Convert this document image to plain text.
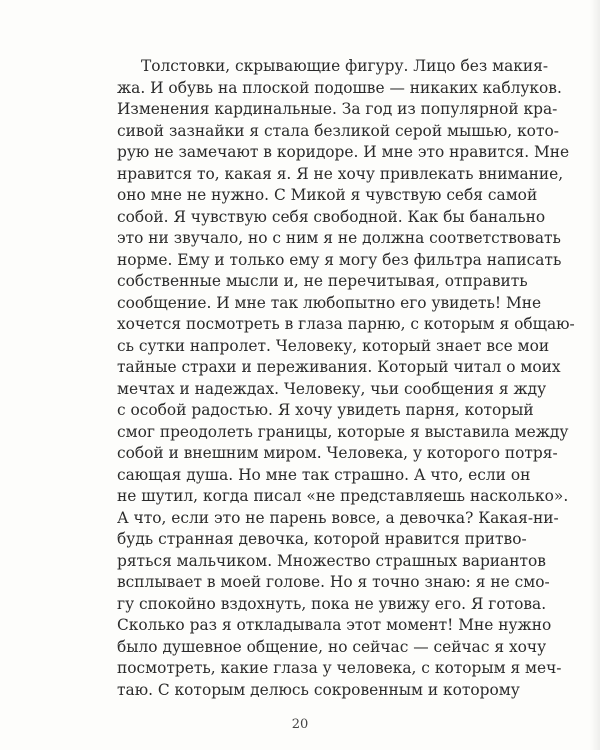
Толстовки, скрывающие фигуру. Лицо без макия-
жа. И обувь на плоской подошве — никаких каблуков.
Изменения кардинальные. За год из популярной кра-
сивой зазнайки я стала безликой серой мышью, кото-
рую не замечают в коридоре. И мне это нравится. Мне
нравится то, какая я. Я не хочу привлекать внимание,
оно мне не нужно. С Микой я чувствую себя самой
собой. Я чувствую себя свободной. Как бы банально
это ни звучало, но с ним я не должна соответствовать
норме. Ему и только ему я могу без фильтра написать
собственные мысли и, не перечитывая, отправить
сообщение. И мне так любопытно его увидеть! Мне
хочется посмотреть в глаза парню, с которым я общаю-
сь сутки напролет. Человеку, который знает все мои
тайные страхи и переживания. Который читал о моих
мечтах и надеждах. Человеку, чьи сообщения я жду
с особой радостью. Я хочу увидеть парня, который
смог преодолеть границы, которые я выставила между
собой и внешним миром. Человека, у которого потря-
сающая душа. Но мне так страшно. А что, если он
не шутил, когда писал «не представляешь насколько».
А что, если это не парень вовсе, а девочка? Какая-ни-
будь странная девочка, которой нравится притво-
ряться мальчиком. Множество страшных вариантов
всплывает в моей голове. Но я точно знаю: я не смо-
гу спокойно вздохнуть, пока не увижу его. Я готова.
Сколько раз я откладывала этот момент! Мне нужно
было душевное общение, но сейчас — сейчас я хочу
посмотреть, какие глаза у человека, с которым я меч-
таю. С которым делюсь сокровенным и которому
20
